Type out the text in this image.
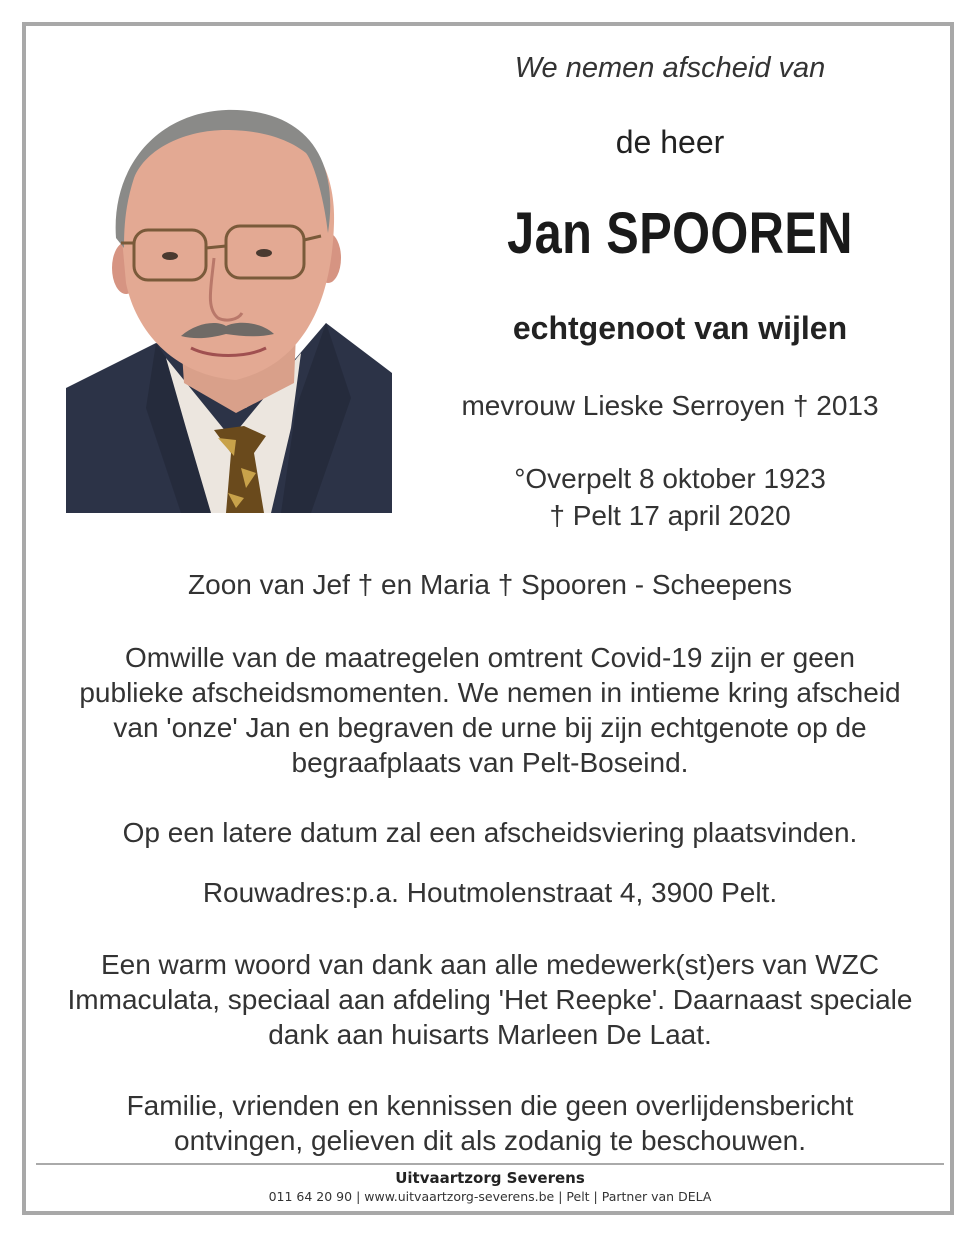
We nemen afscheid van
de heer
Jan SPOOREN
echtgenoot van wijlen
mevrouw Lieske Serroyen † 2013
°Overpelt 8 oktober 1923
† Pelt 17 april 2020
Zoon van Jef † en Maria † Spooren - Scheepens
Omwille van de maatregelen omtrent Covid-19 zijn er geen publieke afscheidsmomenten. We nemen in intieme kring afscheid van 'onze' Jan en begraven de urne bij zijn echtgenote op de begraafplaats van Pelt-Boseind.
Op een latere datum zal een afscheidsviering plaatsvinden.
Rouwadres:p.a. Houtmolenstraat 4, 3900 Pelt.
Een warm woord van dank aan alle medewerk(st)ers van WZC Immaculata, speciaal aan afdeling 'Het Reepke'. Daarnaast speciale dank aan huisarts Marleen De Laat.
Familie, vrienden en kennissen die geen overlijdensbericht ontvingen, gelieven dit als zodanig te beschouwen.
Uitvaartzorg Severens
011 64 20 90 | www.uitvaartzorg-severens.be | Pelt | Partner van DELA
